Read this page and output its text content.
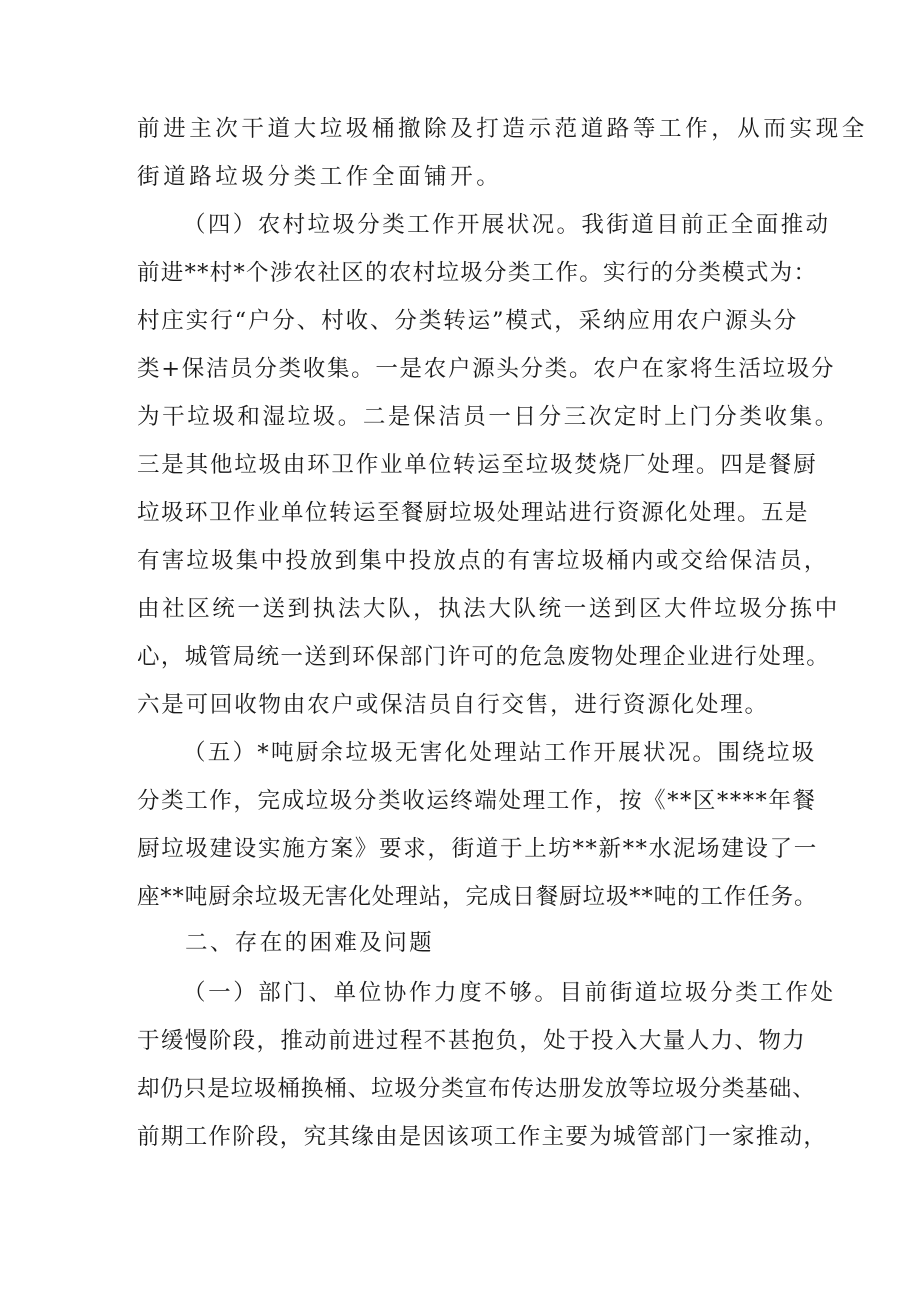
前进主次干道大垃圾桶撤除及打造示范道路等工作，从而实现全
街道路垃圾分类工作全面铺开。
（四）农村垃圾分类工作开展状况。我街道目前正全面推动
前进**村*个涉农社区的农村垃圾分类工作。实行的分类模式为：
村庄实行“户分、村收、分类转运”模式，采纳应用农户源头分
类+保洁员分类收集。一是农户源头分类。农户在家将生活垃圾分
为干垃圾和湿垃圾。二是保洁员一日分三次定时上门分类收集。
三是其他垃圾由环卫作业单位转运至垃圾焚烧厂处理。四是餐厨
垃圾环卫作业单位转运至餐厨垃圾处理站进行资源化处理。五是
有害垃圾集中投放到集中投放点的有害垃圾桶内或交给保洁员，
由社区统一送到执法大队，执法大队统一送到区大件垃圾分拣中
心，城管局统一送到环保部门许可的危急废物处理企业进行处理。
六是可回收物由农户或保洁员自行交售，进行资源化处理。
（五）*吨厨余垃圾无害化处理站工作开展状况。围绕垃圾
分类工作，完成垃圾分类收运终端处理工作，按《**区****年餐
厨垃圾建设实施方案》要求，街道于上坊**新**水泥场建设了一
座**吨厨余垃圾无害化处理站，完成日餐厨垃圾**吨的工作任务。
二、存在的困难及问题
（一）部门、单位协作力度不够。目前街道垃圾分类工作处
于缓慢阶段，推动前进过程不甚抱负，处于投入大量人力、物力
却仍只是垃圾桶换桶、垃圾分类宣布传达册发放等垃圾分类基础、
前期工作阶段，究其缘由是因该项工作主要为城管部门一家推动，
